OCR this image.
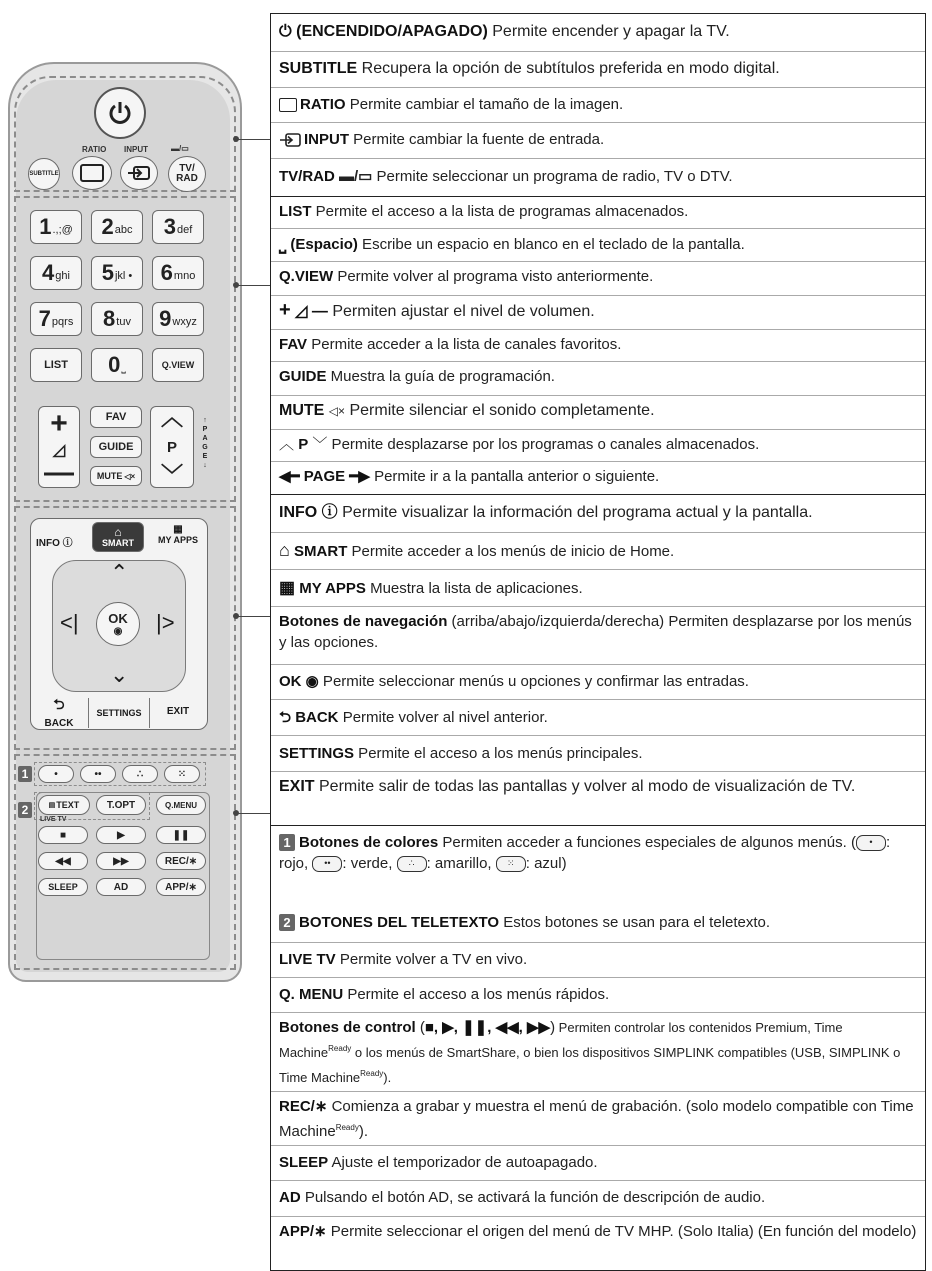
RATIO INPUT	▬/▭
SUBTITLE	TV/
RAD
1 .,;@ 2 abc 3 def
4 ghi 5 jkl • 6 mno
7 pqrs 8 tuv 9 wxyz
LIST 0 ⎵	Q.VIEW
+
◿
—
FAV
GUIDE
MUTE ◁×
︿
P
﹀
↑
P
A
G
E
↓
INFO ⓘ
⌂
SMART
▦
MY APPS
⌃
<|	|>
⌄
OK
◉
⮌
BACK
SETTINGS	EXIT
1	•	••	∴	⁙
2	▤ TEXT	T.OPT	Q.MENU
LIVE TV
■	▶	❚❚
◀◀	▶▶	REC/∗
SLEEP	AD	APP/∗
⏻ (ENCENDIDO/APAGADO) Permite encender y apagar la TV.
SUBTITLE Recupera la opción de subtítulos preferida en modo digital.
RATIO Permite cambiar el tamaño de la imagen.
INPUT Permite cambiar la fuente de entrada.
TV/RAD ▬/▭ Permite seleccionar un programa de radio, TV o DTV.
LIST Permite el acceso a la lista de programas almacenados.
⎵ (Espacio) Escribe un espacio en blanco en el teclado de la pantalla.
Q.VIEW Permite volver al programa visto anteriormente.
+ ◿ — Permiten ajustar el nivel de volumen.
FAV Permite acceder a la lista de canales favoritos.
GUIDE Muestra la guía de programación.
MUTE ◁× Permite silenciar el sonido completamente.
︿ P ﹀ Permite desplazarse por los programas o canales almacenados.
◀━ PAGE ━▶ Permite ir a la pantalla anterior o siguiente.
INFO ⓘ Permite visualizar la información del programa actual y la pantalla.
⌂ SMART Permite acceder a los menús de inicio de Home.
▦ MY APPS Muestra la lista de aplicaciones.
Botones de navegación (arriba/abajo/izquierda/derecha) Permiten desplazarse por los menús y las opciones.
OK ◉ Permite seleccionar menús u opciones y confirmar las entradas.
⮌ BACK Permite volver al nivel anterior.
SETTINGS Permite el acceso a los menús principales.
EXIT Permite salir de todas las pantallas y volver al modo de visualización de TV.
1 Botones de colores Permiten acceder a funciones especiales de algunos menús. ( • : rojo, •• : verde, ∴ : amarillo, ⁙ : azul)
2 BOTONES DEL TELETEXTO Estos botones se usan para el teletexto.
LIVE TV Permite volver a TV en vivo.
Q. MENU Permite el acceso a los menús rápidos.
Botones de control (■, ▶, ❚❚, ◀◀, ▶▶) Permiten controlar los contenidos Premium, Time Machine$^{Ready}$ o los menús de SmartShare, o bien los dispositivos SIMPLINK compatibles (USB, SIMPLINK o Time Machine$^{Ready}$).
REC/∗ Comienza a grabar y muestra el menú de grabación. (solo modelo compatible con Time Machine$^{Ready}$).
SLEEP Ajuste el temporizador de autoapagado.
AD Pulsando el botón AD, se activará la función de descripción de audio.
APP/∗ Permite seleccionar el origen del menú de TV MHP. (Solo Italia) (En función del modelo)
